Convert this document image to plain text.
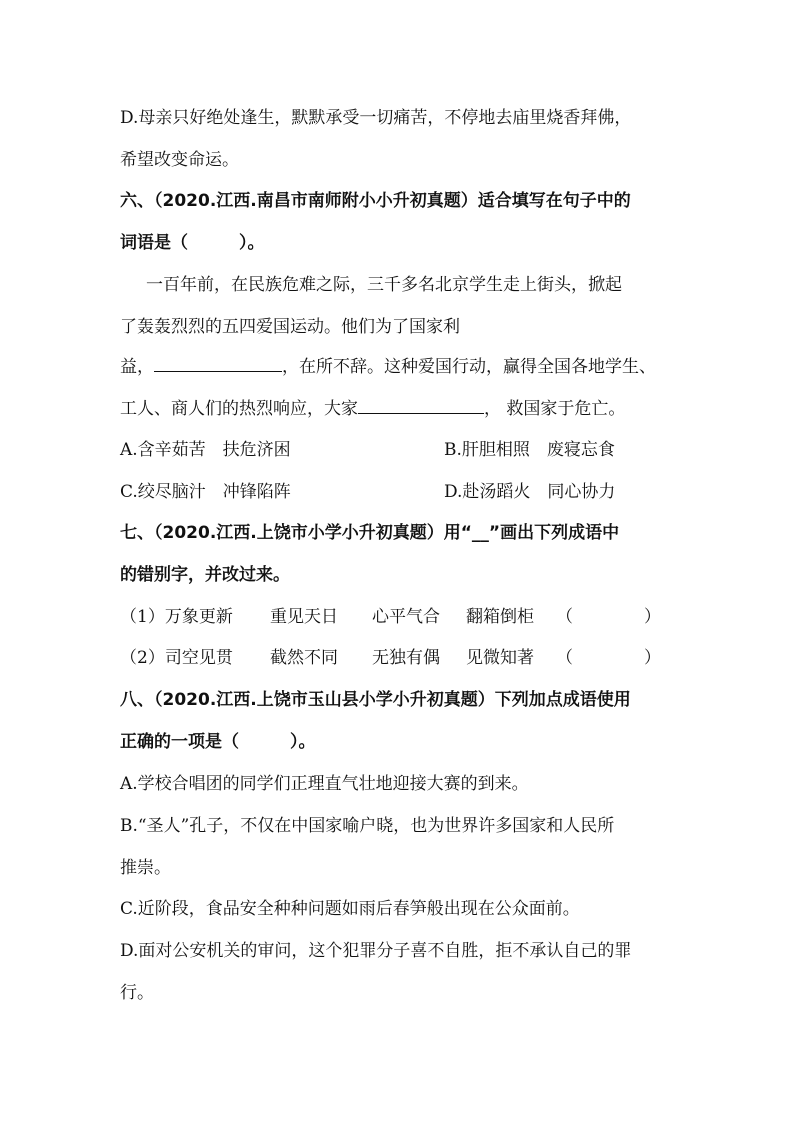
D.母亲只好绝处逢生，默默承受一切痛苦，不停地去庙里烧香拜佛，
希望改变命运。
六、（2020.江西.南昌市南师附小小升初真题）适合填写在句子中的
词语是（　　　）。
一百年前，在民族危难之际，三千多名北京学生走上街头，掀起
了轰轰烈烈的五四爱国运动。他们为了国家利
益，	，在所不辞。这种爱国行动，赢得全国各地学生、
工人、商人们的热烈响应，大家	， 救国家于危亡。
A.含辛茹苦　扶危济困	B.肝胆相照　废寝忘食
C.绞尽脑汁　冲锋陷阵	D.赴汤蹈火　同心协力
七、（2020.江西.上饶市小学小升初真题）用“__”画出下列成语中
的错别字，并改过来。
（1）万象更新 重见天日 心平气合 翻箱倒柜 （	）
（2）司空见贯 截然不同 无独有偶 见微知著 （	）
八、（2020.江西.上饶市玉山县小学小升初真题）下列加点成语使用
正确的一项是（　　　）。
A.学校合唱团的同学们正理直气壮地迎接大赛的到来。
B.“圣人”孔子，不仅在中国家喻户晓，也为世界许多国家和人民所
推崇。
C.近阶段，食品安全种种问题如雨后春笋般出现在公众面前。
D.面对公安机关的审问，这个犯罪分子喜不自胜，拒不承认自己的罪
行。
